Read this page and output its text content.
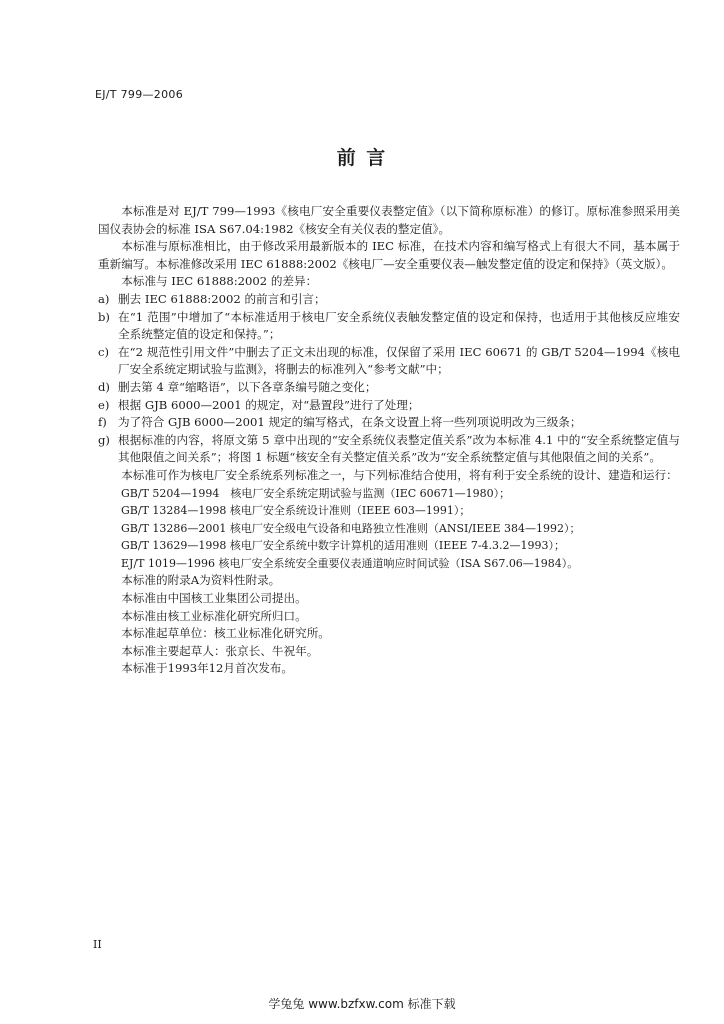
EJ/T 799—2006
前 言

本标准是对 EJ/T 799—1993《核电厂安全重要仪表整定值》（以下简称原标准）的修订。原标准参照采用美国仪表协会的标准 ISA S67.04:1982《核安全有关仪表的整定值》。

本标准与原标准相比，由于修改采用最新版本的 IEC 标准，在技术内容和编写格式上有很大不同，基本属于重新编写。本标准修改采用 IEC 61888:2002《核电厂—安全重要仪表—触发整定值的设定和保持》（英文版）。

本标准与 IEC 61888:2002 的差异：

a) 删去 IEC 61888:2002 的前言和引言；
b) 在“1 范围”中增加了“本标准适用于核电厂安全系统仪表触发整定值的设定和保持，也适用于其他核反应堆安全系统整定值的设定和保持。”；
c) 在“2 规范性引用文件”中删去了正文未出现的标准，仅保留了采用 IEC 60671 的 GB/T 5204—1994《核电厂安全系统定期试验与监测》，将删去的标准列入“参考文献”中；
d) 删去第 4 章“缩略语”，以下各章条编号随之变化；
e) 根据 GJB 6000—2001 的规定，对“悬置段”进行了处理；
f) 为了符合 GJB 6000—2001 规定的编写格式，在条文设置上将一些列项说明改为三级条；
g) 根据标准的内容，将原文第 5 章中出现的“安全系统仪表整定值关系”改为本标准 4.1 中的“安全系统整定值与其他限值之间关系”；将图 1 标题“核安全有关整定值关系”改为“安全系统整定值与其他限值之间的关系”。

本标准可作为核电厂安全系统系列标准之一，与下列标准结合使用，将有利于安全系统的设计、建造和运行：

GB/T 5204—1994　核电厂安全系统定期试验与监测（IEC 60671—1980）；

GB/T 13284—1998 核电厂安全系统设计准则（IEEE 603—1991）；

GB/T 13286—2001 核电厂安全级电气设备和电路独立性准则（ANSI/IEEE 384—1992）；

GB/T 13629—1998 核电厂安全系统中数字计算机的适用准则（IEEE 7-4.3.2—1993）；

EJ/T 1019—1996 核电厂安全系统安全重要仪表通道响应时间试验（ISA S67.06—1984）。

本标准的附录A为资料性附录。

本标准由中国核工业集团公司提出。

本标准由核工业标准化研究所归口。

本标准起草单位：核工业标准化研究所。

本标准主要起草人：张京长、牛祝年。

本标准于1993年12月首次发布。

II
学兔兔 www.bzfxw.com 标准下载
